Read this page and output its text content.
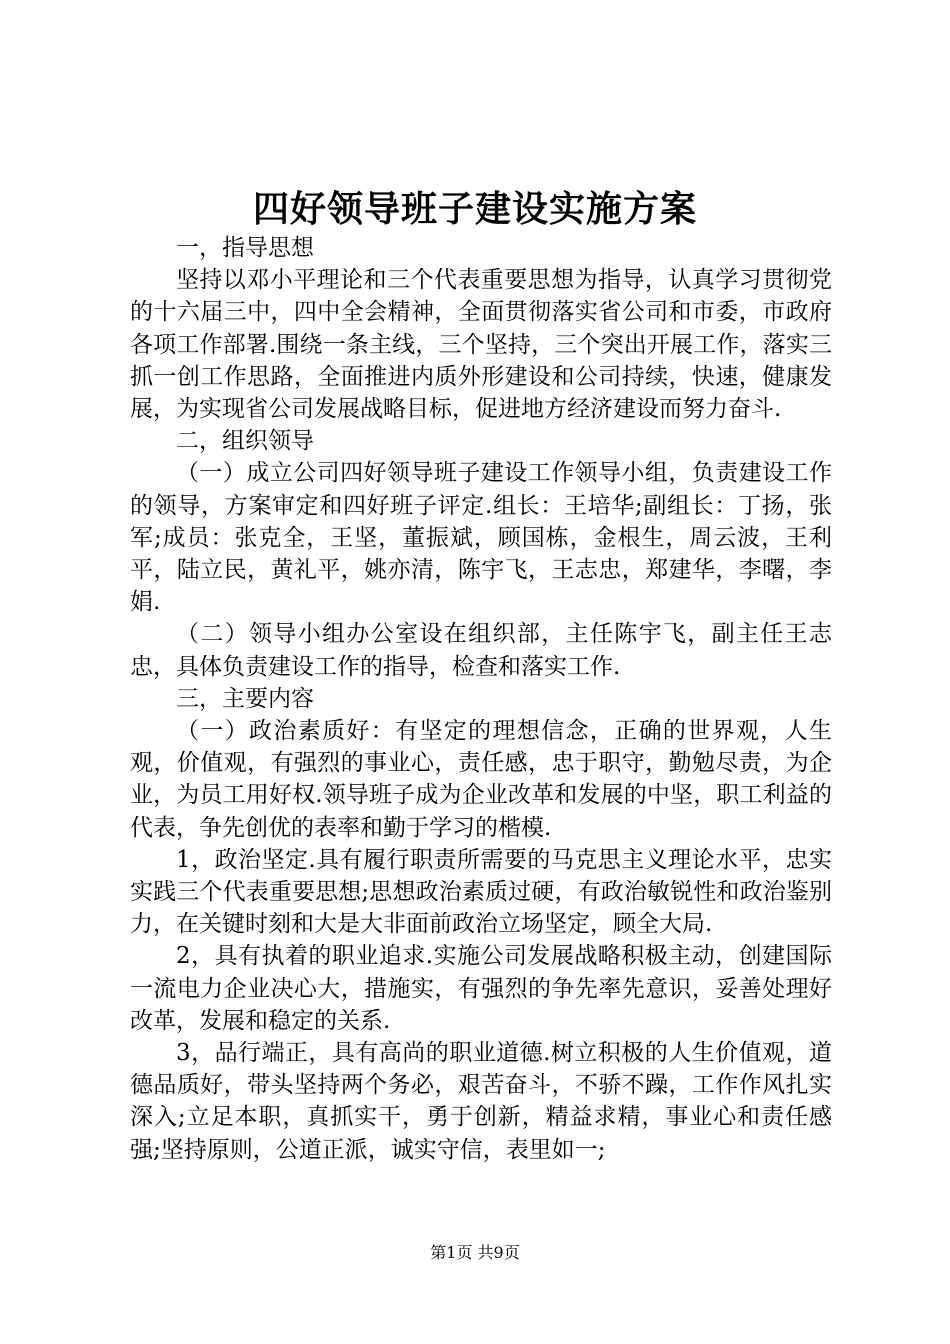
四好领导班子建设实施方案

一，指导思想

坚持以邓小平理论和三个代表重要思想为指导，认真学习贯彻党的十六届三中，四中全会精神，全面贯彻落实省公司和市委，市政府各项工作部署.围绕一条主线，三个坚持，三个突出开展工作，落实三抓一创工作思路，全面推进内质外形建设和公司持续，快速，健康发展，为实现省公司发展战略目标，促进地方经济建设而努力奋斗.

二，组织领导

（一）成立公司四好领导班子建设工作领导小组，负责建设工作的领导，方案审定和四好班子评定.组长：王培华;副组长：丁扬，张军;成员：张克全，王坚，董振斌，顾国栋，金根生，周云波，王利平，陆立民，黄礼平，姚亦清，陈宇飞，王志忠，郑建华，李曙，李娟.

（二）领导小组办公室设在组织部，主任陈宇飞，副主任王志忠，具体负责建设工作的指导，检查和落实工作.

三，主要内容

（一）政治素质好：有坚定的理想信念，正确的世界观，人生观，价值观，有强烈的事业心，责任感，忠于职守，勤勉尽责，为企业，为员工用好权.领导班子成为企业改革和发展的中坚，职工利益的代表，争先创优的表率和勤于学习的楷模.

1，政治坚定.具有履行职责所需要的马克思主义理论水平，忠实实践三个代表重要思想;思想政治素质过硬，有政治敏锐性和政治鉴别力，在关键时刻和大是大非面前政治立场坚定，顾全大局.

2，具有执着的职业追求.实施公司发展战略积极主动，创建国际一流电力企业决心大，措施实，有强烈的争先率先意识，妥善处理好改革，发展和稳定的关系.

3，品行端正，具有高尚的职业道德.树立积极的人生价值观，道德品质好，带头坚持两个务必，艰苦奋斗，不骄不躁，工作作风扎实深入;立足本职，真抓实干，勇于创新，精益求精，事业心和责任感强;坚持原则，公道正派，诚实守信，表里如一;

第1页 共9页
